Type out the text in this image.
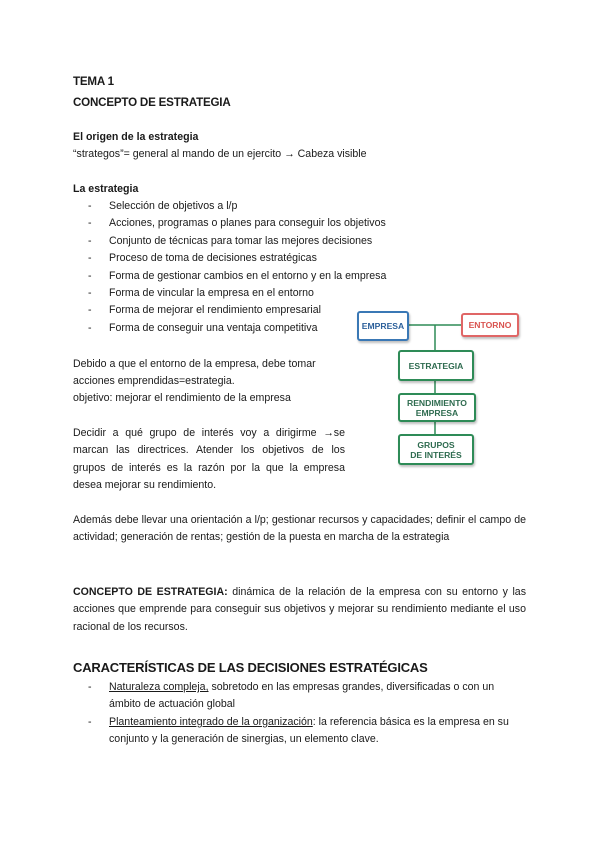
TEMA 1
CONCEPTO DE ESTRATEGIA
El origen de la estrategia
“strategos”= general al mando de un ejercito → Cabeza visible
La estrategia
-	Selección de objetivos a l/p
-	Acciones, programas o planes para conseguir los objetivos
-	Conjunto de técnicas para tomar las mejores decisiones
-	Proceso de toma de decisiones estratégicas
-	Forma de gestionar cambios en el entorno y en la empresa
-	Forma de vincular la empresa en el entorno
-	Forma de mejorar el rendimiento empresarial
-	Forma de conseguir una ventaja competitiva	EMPRESA	ENTORNO
ESTRATEGIA
RENDIMIENTO
EMPRESA
GRUPOS
DE INTERÉS
Debido a que el entorno de la empresa, debe tomar
acciones emprendidas=estrategia.
objetivo: mejorar el rendimiento de la empresa
Decidir a qué grupo de interés voy a dirigirme →se marcan las directrices. Atender los objetivos de los grupos de interés es la razón por la que la empresa desea mejorar su rendimiento.
Además debe llevar una orientación a l/p; gestionar recursos y capacidades; definir el campo de actividad; generación de rentas; gestión de la puesta en marcha de la estrategia
CONCEPTO DE ESTRATEGIA: dinámica de la relación de la empresa con su entorno y las acciones que emprende para conseguir sus objetivos y mejorar su rendimiento mediante el uso racional de los recursos.
CARACTERÍSTICAS DE LAS DECISIONES ESTRATÉGICAS
-	Naturaleza compleja, sobretodo en las empresas grandes, diversificadas o con un ámbito de actuación global
-	Planteamiento integrado de la organización: la referencia básica es la empresa en su conjunto y la generación de sinergias, un elemento clave.
